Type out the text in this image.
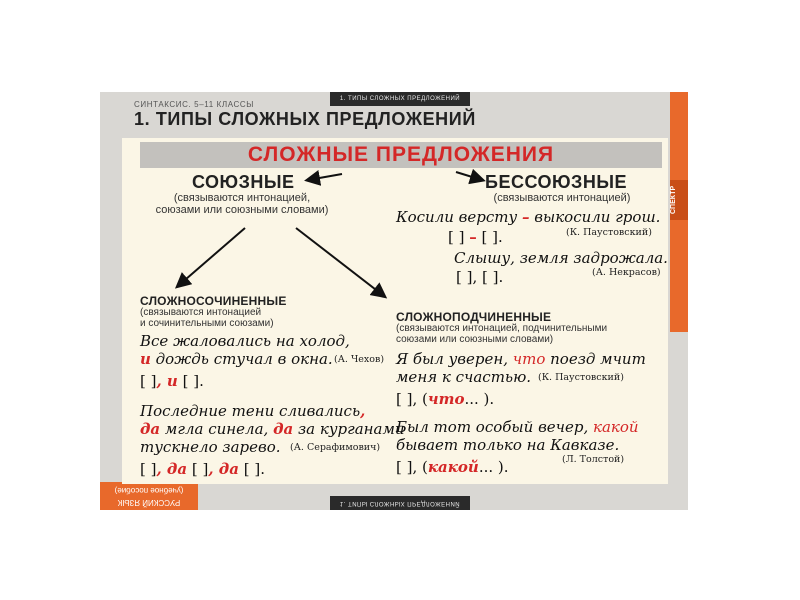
1. ТИПЫ СЛОЖНЫХ ПРЕДЛОЖЕНИЙ
1. ТИПЫ СЛОЖНЫХ ПРЕДЛОЖЕНИЙ
СПЕКТР
РУССКИЙ ЯЗЫК
(учебное пособие)
СИНТАКСИС. 5–11 КЛАССЫ
1. ТИПЫ СЛОЖНЫХ ПРЕДЛОЖЕНИЙ
СЛОЖНЫЕ ПРЕДЛОЖЕНИЯ
СОЮЗНЫЕ
(связываются интонацией,
союзами или союзными словами)
БЕССОЮЗНЫЕ
(связываются интонацией)
Косили версту – выкосили грош.
[ ] – [ ].	(К. Паустовский)
Слышу, земля задрожала.
[ ], [ ].	(А. Некрасов)
СЛОЖНОСОЧИНЕННЫЕ
(связываются интонацией
и сочинительными союзами)
Все жаловались на холод,
и дождь стучал в окна. (А. Чехов)
[ ], и [ ].
Последние тени сливались,
да мгла синела, да за курганами
тускнело зарево. (А. Серафимович)
[ ], да [ ], да [ ].
СЛОЖНОПОДЧИНЕННЫЕ
(связываются интонацией, подчинительными
союзами или союзными словами)
Я был уверен, что поезд мчит
меня к счастью. (К. Паустовский)
[ ], (что... ).
Был тот особый вечер, какой
бывает только на Кавказе.
(Л. Толстой)
[ ], (какой... ).
